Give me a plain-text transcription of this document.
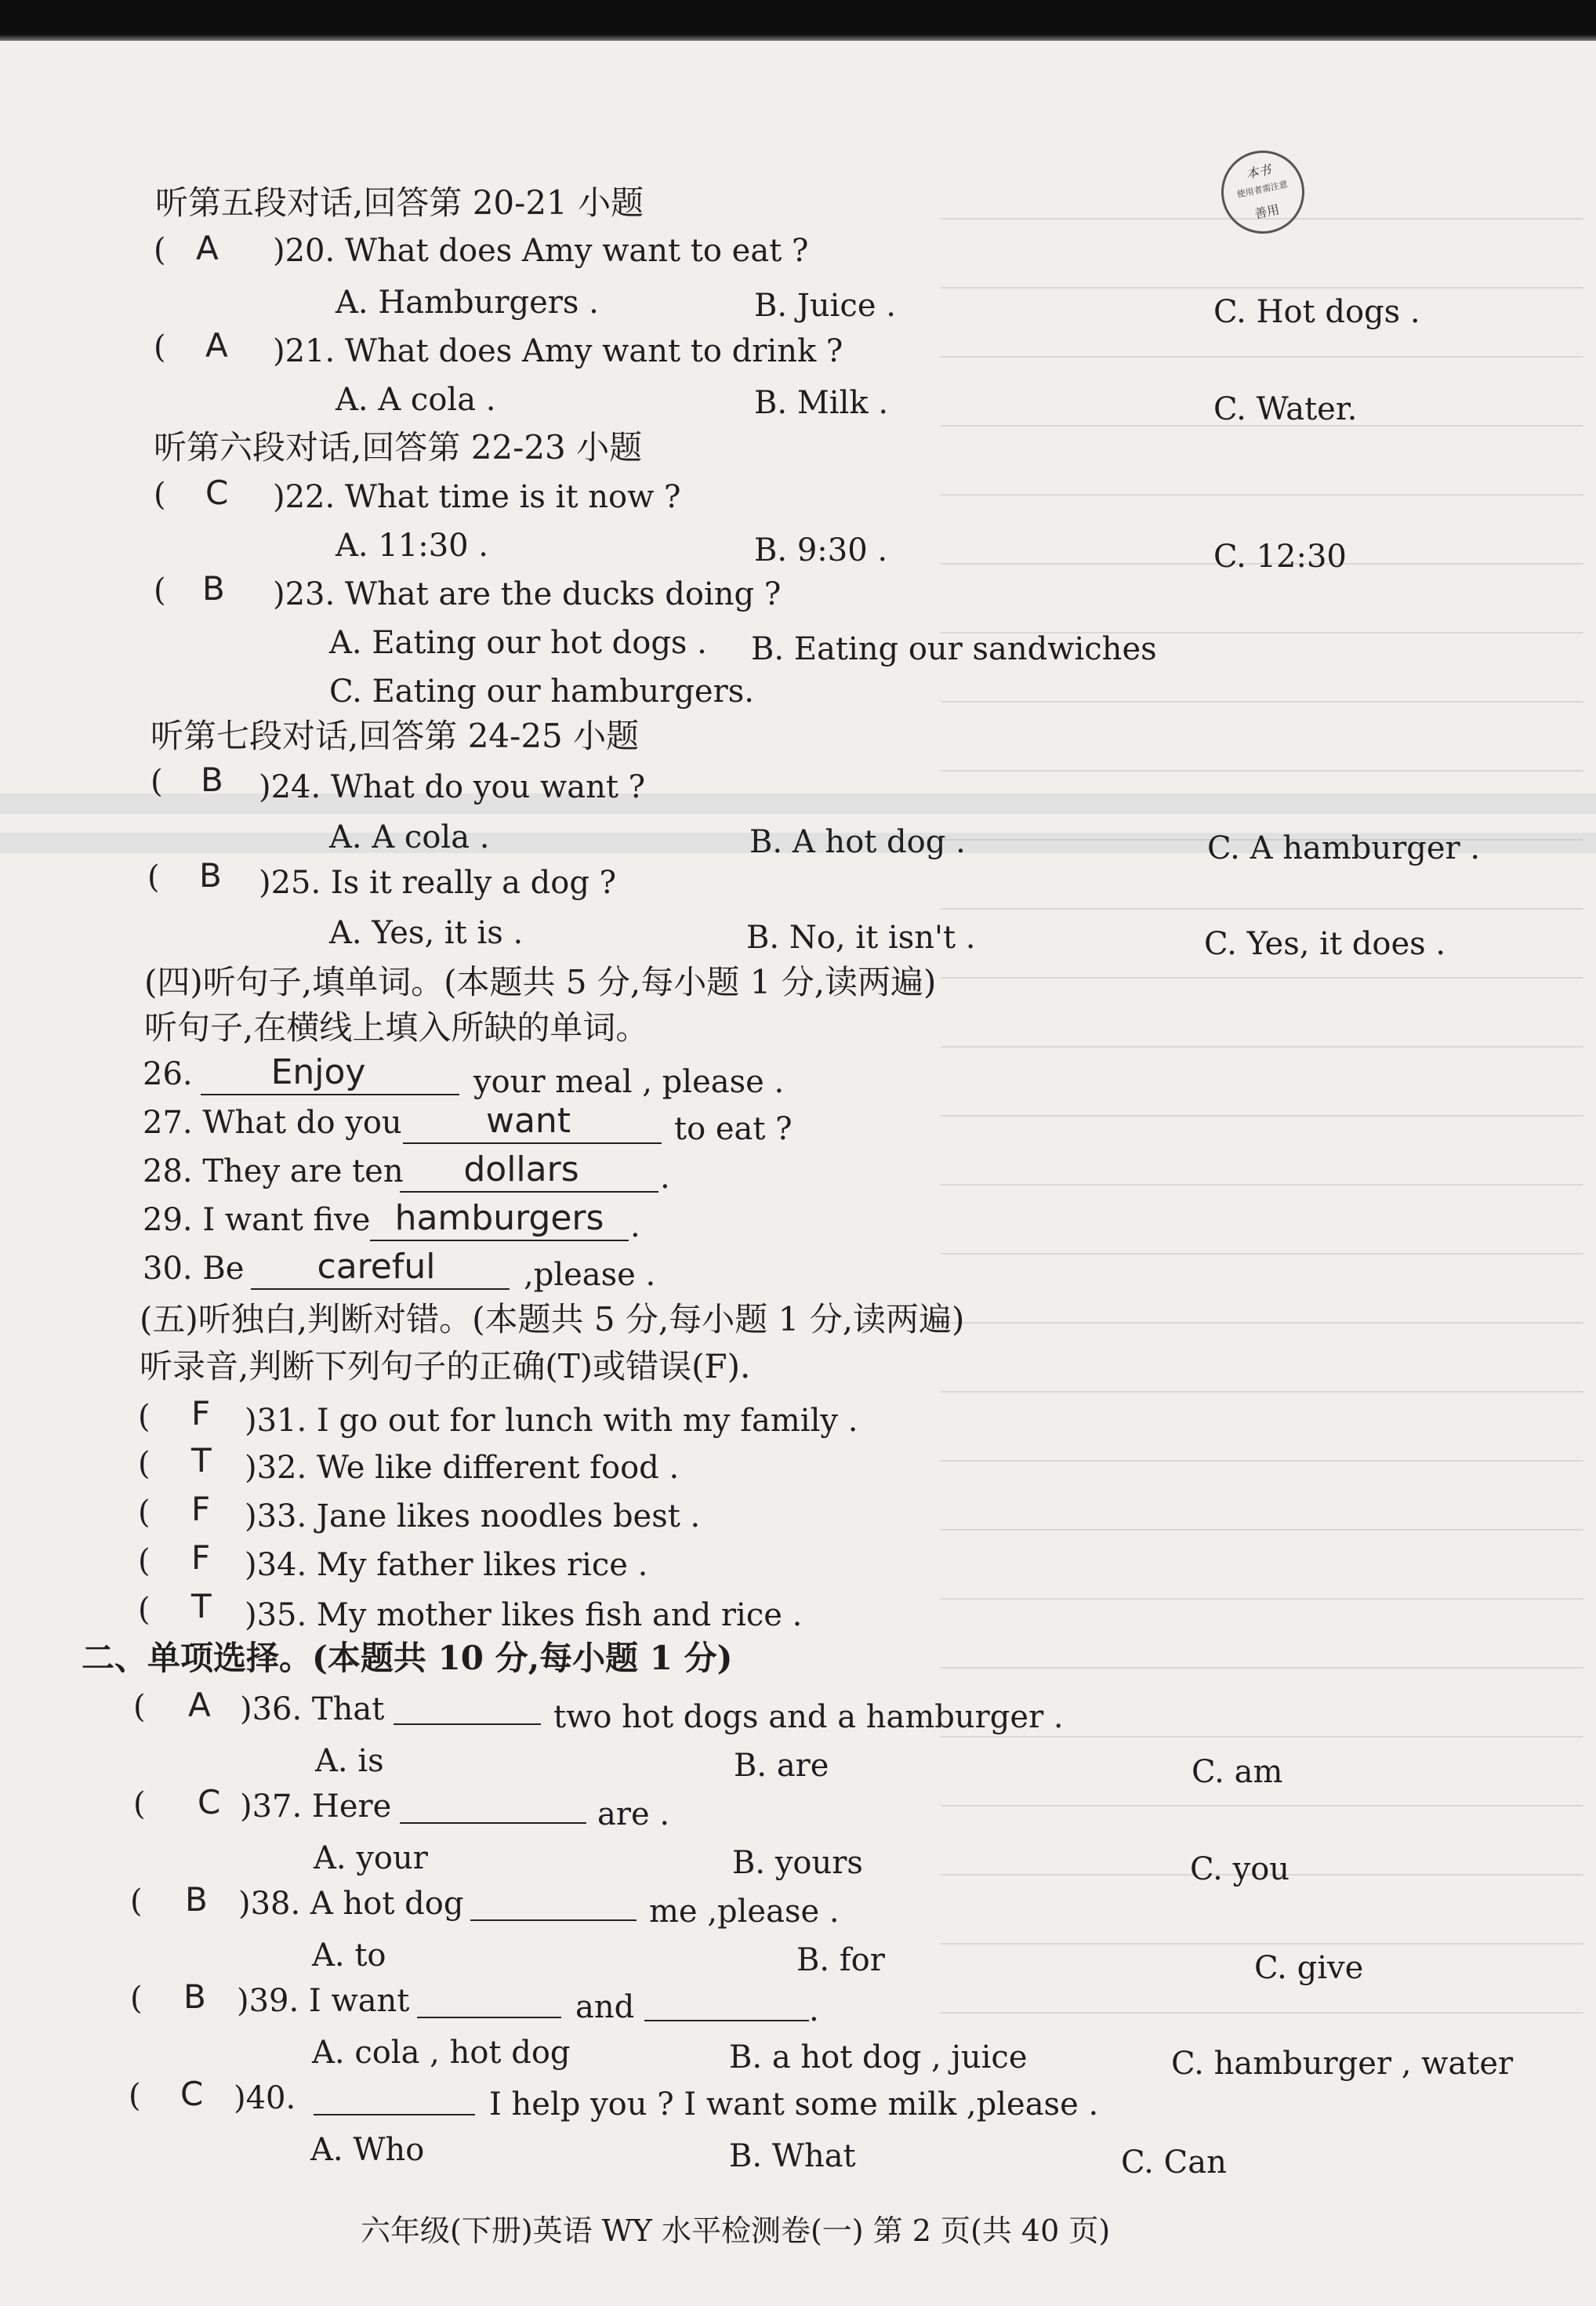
本书
使用者需注意
善用
听第五段对话,回答第 20-21 小题
( A )20. What does Amy want to eat ?
A. Hamburgers .	B. Juice .	C. Hot dogs .
( A )21. What does Amy want to drink ?
A. A cola .	B. Milk .	C. Water.
听第六段对话,回答第 22-23 小题
( C )22. What time is it now ?
A. 11:30 .	B. 9:30 .	C. 12:30
( B )23. What are the ducks doing ?
A. Eating our hot dogs . B. Eating our sandwiches
C. Eating our hamburgers.
听第七段对话,回答第 24-25 小题
( B )24. What do you want ?
A. A cola .	B. A hot dog .	C. A hamburger .
( B )25. Is it really a dog ?
A. Yes, it is .	B. No, it isn't .	C. Yes, it does .
(四)听句子,填单词。(本题共 5 分,每小题 1 分,读两遍)
听句子,在横线上填入所缺的单词。
26.	Enjoy	your meal , please .
27. What do you	want	to eat ?
28. They are ten	dollars	.
29. I want five hamburgers .
30. Be	careful	,please .
(五)听独白,判断对错。(本题共 5 分,每小题 1 分,读两遍)
听录音,判断下列句子的正确(T)或错误(F).
( F )31. I go out for lunch with my family .
( T )32. We like different food .
( F )33. Jane likes noodles best .
( F )34. My father likes rice .
( T )35. My mother likes fish and rice .
二、单项选择。(本题共 10 分,每小题 1 分)
( A )36. That	two hot dogs and a hamburger .
A. is	B. are	C. am
( C )37. Here	are .
A. your	B. yours	C. you
( B )38. A hot dog	me ,please .
A. to	B. for	C. give
( B )39. I want	and	.
A. cola , hot dog	B. a hot dog , juice	C. hamburger , water
( C )40.	I help you ? I want some milk ,please .
A. Who	B. What	C. Can
六年级(下册)英语 WY 水平检测卷(一) 第 2 页(共 40 页)
